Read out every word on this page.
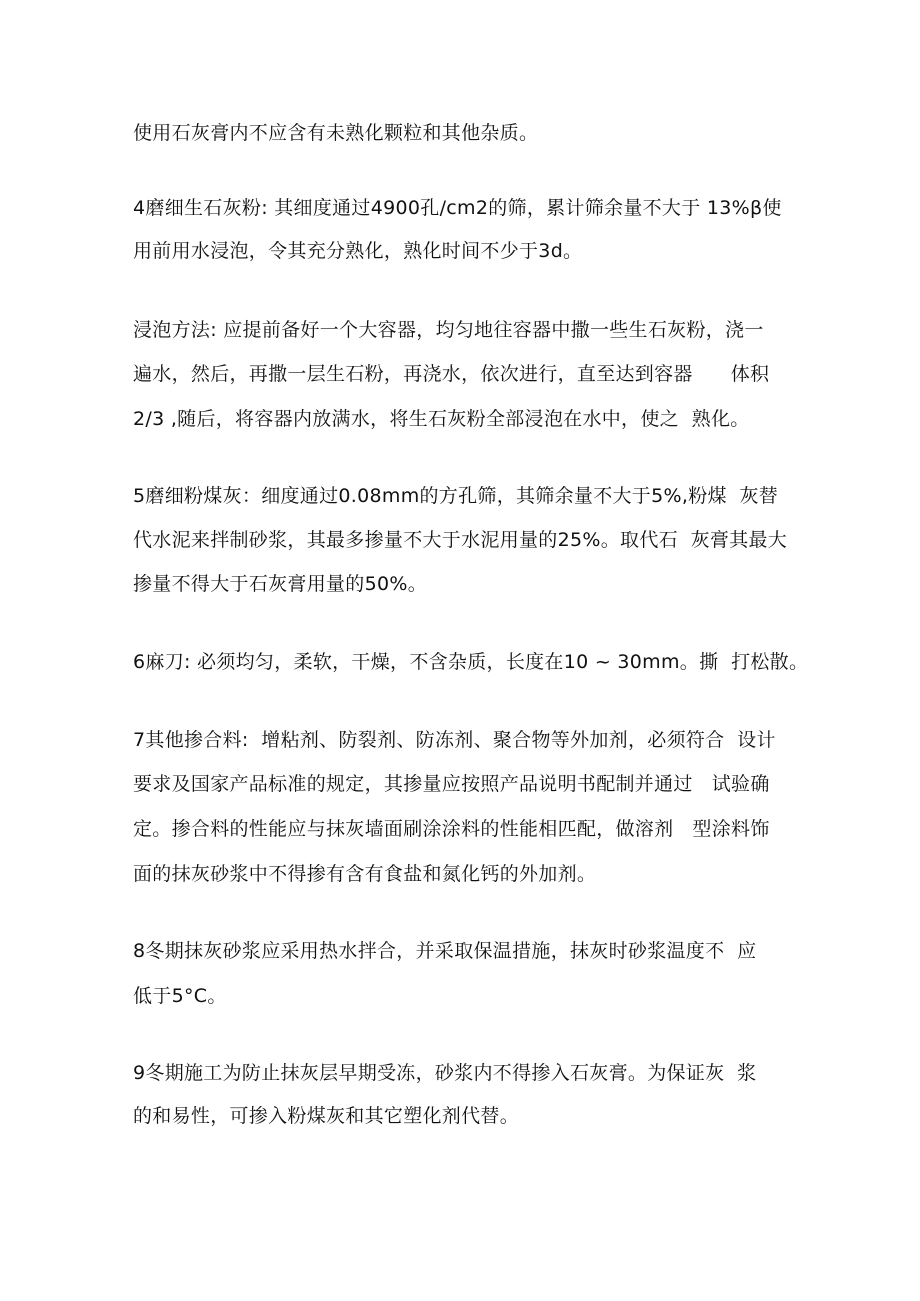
使用石灰膏内不应含有未熟化颗粒和其他杂质。
4磨细生石灰粉: 其细度通过4900孔/cm2的筛，累计筛余量不大于 13%β使
用前用水浸泡，令其充分熟化，熟化时间不少于3d。
浸泡方法: 应提前备好一个大容器，均匀地往容器中撒一些生石灰粉，浇一
遍水，然后，再撒一层生石粉，再浇水，依次进行，直至达到容器      体积
2/3 ,随后，将容器内放满水，将生石灰粉全部浸泡在水中，使之  熟化。
5磨细粉煤灰：细度通过0.08mm的方孔筛，其筛余量不大于5%,粉煤  灰替
代水泥来拌制砂浆，其最多掺量不大于水泥用量的25%。取代石  灰膏其最大
掺量不得大于石灰膏用量的50%。
6麻刀: 必须均匀，柔软，干燥，不含杂质，长度在10 ~ 30mm。撕  打松散。
7其他掺合料:  增粘剂、防裂剂、防冻剂、聚合物等外加剂，必须符合  设计
要求及国家产品标准的规定，其掺量应按照产品说明书配制并通过   试验确
定。掺合料的性能应与抹灰墙面刷涂涂料的性能相匹配，做溶剂   型涂料饰
面的抹灰砂浆中不得掺有含有食盐和氮化钙的外加剂。
8冬期抹灰砂浆应采用热水拌合，并采取保温措施，抹灰时砂浆温度不  应
低于5°C。
9冬期施工为防止抹灰层早期受冻，砂浆内不得掺入石灰膏。为保证灰  浆
的和易性，可掺入粉煤灰和其它塑化剂代替。
